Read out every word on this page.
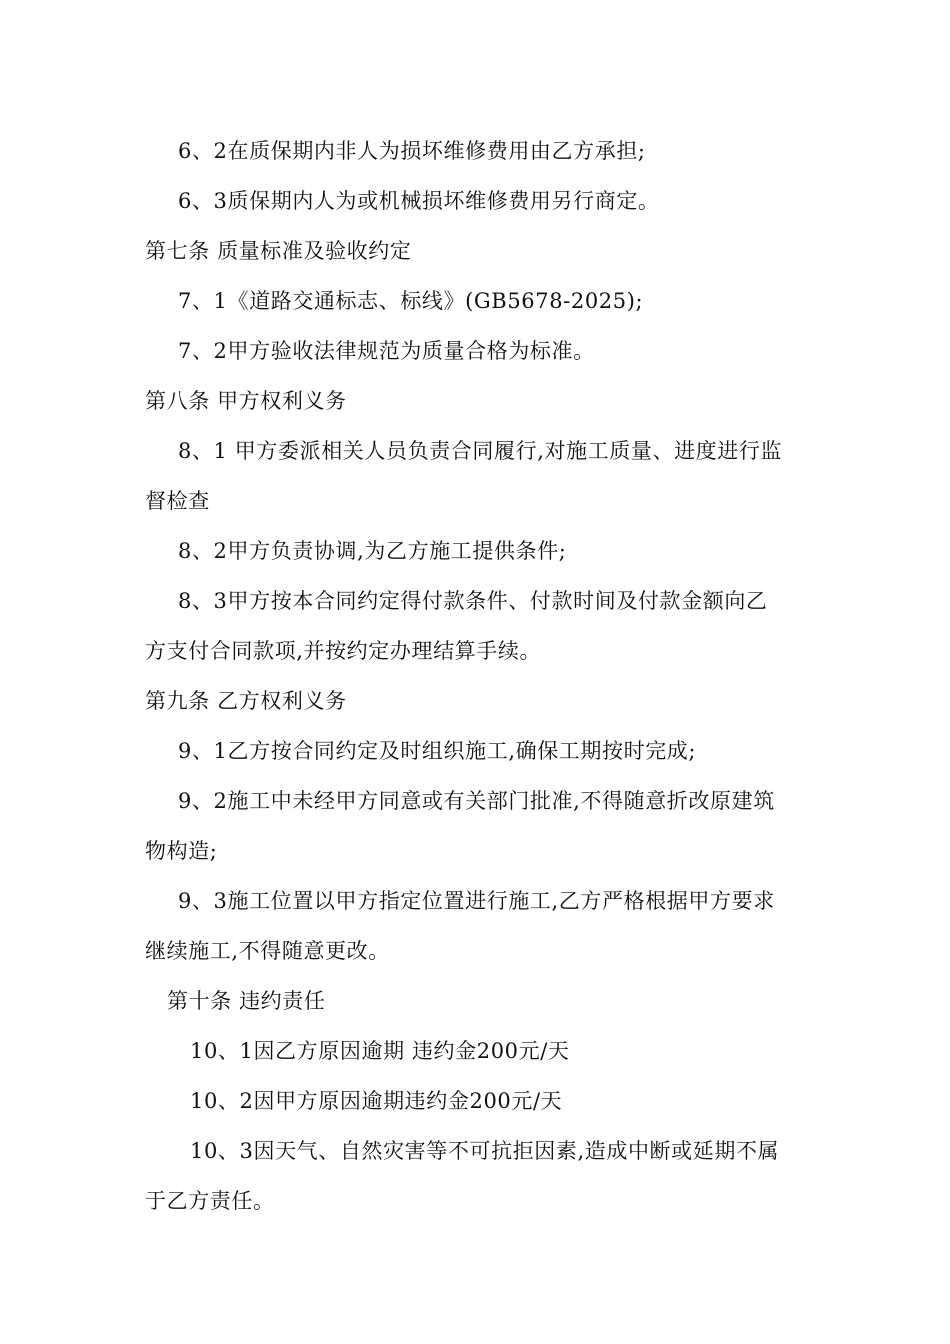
6、2在质保期内非人为损坏维修费用由乙方承担;
6、3质保期内人为或机械损坏维修费用另行商定。
第七条 质量标准及验收约定
7、1《道路交通标志、标线》(GB5678-2025);
7、2甲方验收法律规范为质量合格为标准。
第八条 甲方权利义务
8、1 甲方委派相关人员负责合同履行,对施工质量、进度进行监
督检查
8、2甲方负责协调,为乙方施工提供条件;
8、3甲方按本合同约定得付款条件、付款时间及付款金额向乙
方支付合同款项,并按约定办理结算手续。
第九条 乙方权利义务
9、1乙方按合同约定及时组织施工,确保工期按时完成;
9、2施工中未经甲方同意或有关部门批准,不得随意折改原建筑
物构造;
9、3施工位置以甲方指定位置进行施工,乙方严格根据甲方要求
继续施工,不得随意更改。
第十条 违约责任
10、1因乙方原因逾期 违约金200元/天
10、2因甲方原因逾期违约金200元/天
10、3因天气、自然灾害等不可抗拒因素,造成中断或延期不属
于乙方责任。
